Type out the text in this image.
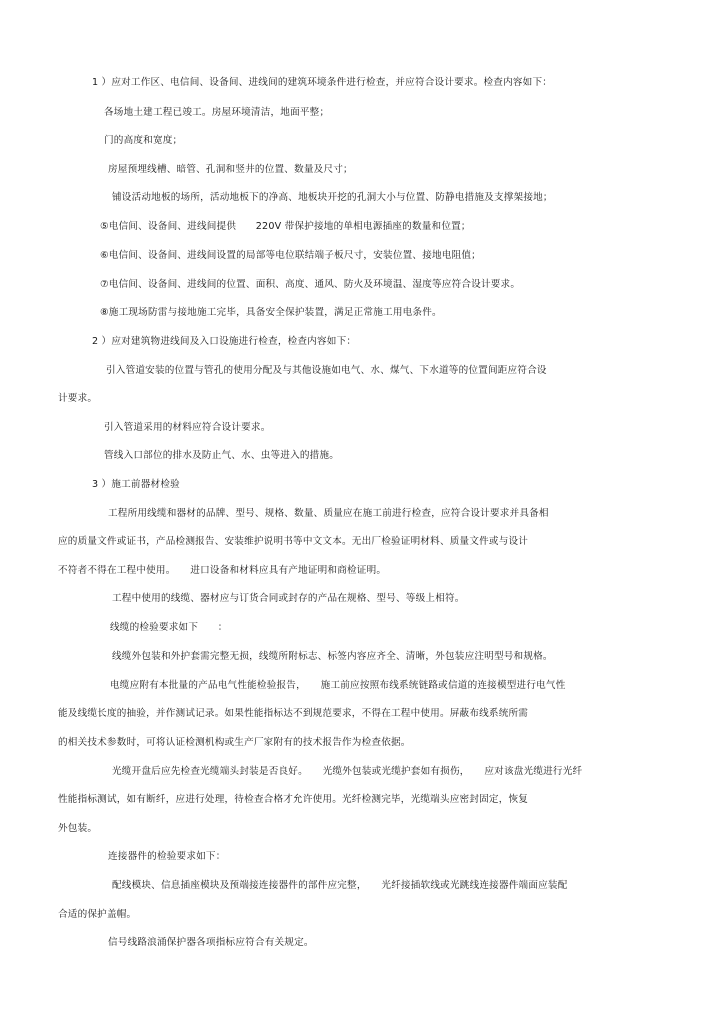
1 ）应对工作区、电信间、设备间、进线间的建筑环境条件进行检查，并应符合设计要求。检查内容如下：
各场地土建工程已竣工。房屋环境清洁，地面平整；
门的高度和宽度；
房屋预埋线槽、暗管、孔洞和竖井的位置、数量及尺寸；
铺设活动地板的场所，活动地板下的净高、地板块开挖的孔洞大小与位置、防静电措施及支撑架接地；
⑤电信间、设备间、进线间提供　　220V 带保护接地的单相电源插座的数量和位置；
⑥电信间、设备间、进线间设置的局部等电位联结端子板尺寸，安装位置、接地电阻值；
⑦电信间、设备间、进线间的位置、面积、高度、通风、防火及环境温、湿度等应符合设计要求。
⑧施工现场防雷与接地施工完毕，具备安全保护装置，满足正常施工用电条件。
2 ）应对建筑物进线间及入口设施进行检查，检查内容如下：
引入管道安装的位置与管孔的使用分配及与其他设施如电气、水、煤气、下水道等的位置间距应符合设
计要求。
引入管道采用的材料应符合设计要求。
管线入口部位的排水及防止气、水、虫等进入的措施。
3 ）施工前器材检验
工程所用线缆和器材的品牌、型号、规格、数量、质量应在施工前进行检查，应符合设计要求并具备相
应的质量文件或证书，产品检测报告、安装维护说明书等中文文本。无出厂检验证明材料、质量文件或与设计
不符者不得在工程中使用。　　进口设备和材料应具有产地证明和商检证明。
工程中使用的线缆、器材应与订货合同或封存的产品在规格、型号、等级上相符。
线缆的检验要求如下　　：
线缆外包装和外护套需完整无损，线缆所附标志、标签内容应齐全、清晰，外包装应注明型号和规格。
电缆应附有本批量的产品电气性能检验报告，　　施工前应按照布线系统链路或信道的连接模型进行电气性
能及线缆长度的抽验，并作测试记录。如果性能指标达不到规范要求，不得在工程中使用。屏蔽布线系统所需
的相关技术参数时，可将认证检测机构或生产厂家附有的技术报告作为检查依据。
光缆开盘后应先检查光缆端头封装是否良好。　　光缆外包装或光缆护套如有损伤，　　应对该盘光缆进行光纤
性能指标测试，如有断纤，应进行处理，待检查合格才允许使用。光纤检测完毕，光缆端头应密封固定，恢复
外包装。
连接器件的检验要求如下：
配线模块、信息插座模块及预端接连接器件的部件应完整，　　光纤接插软线或光跳线连接器件端面应装配
合适的保护盖帽。
信号线路浪涌保护器各项指标应符合有关规定。
